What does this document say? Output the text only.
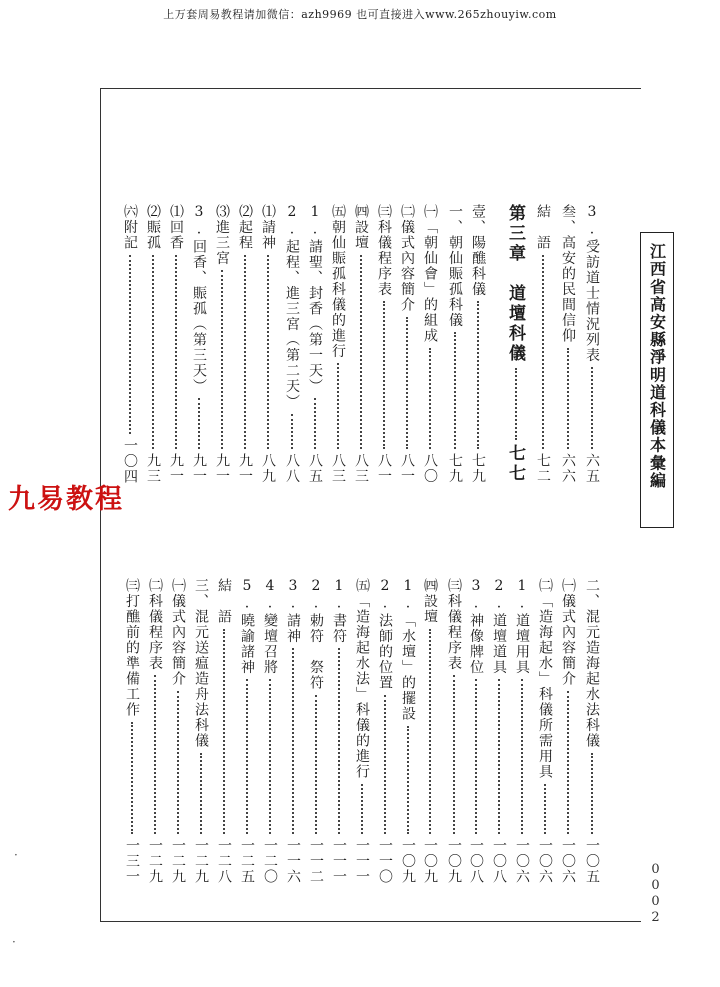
上万套周易教程请加微信：azh9969 也可直接进入www.265zhouyiw.com
江西省高安縣淨明道科儀本彙編
3.受訪道士情況列表
六五
叁、高安的民間信仰
六六
結　語
七二
第三章　道壇科儀
七七
壹、陽醮科儀
七九
一、朝仙賑孤科儀
七九
㈠「朝仙會」的組成
八〇
㈡儀式內容簡介
八一
㈢科儀程序表
八一
㈣設壇
八三
㈤朝仙賑孤科儀的進行
八三
1.請聖、封香（第一天）
八五
2.起程、進三宮（第二天）
八八
⑴請神
八九
⑵起程
九一
⑶進三宮
九一
3.回香、賑孤（第三天）
九一
⑴回香
九一
⑵賑孤
九三
㈥附記
一〇四
二、混元造海起水法科儀
一〇五
㈠儀式內容簡介
一〇六
㈡「造海起水」科儀所需用具
一〇六
1.道壇用具
一〇六
2.道壇道具
一〇八
3.神像牌位
一〇八
㈢科儀程序表
一〇九
㈣設壇
一〇九
1.「水壇」的擺設
一〇九
2.法師的位置
一一〇
㈤「造海起水法」科儀的進行
一一一
1.書符
一一一
2.勅符　祭符
一一二
3.請神
一一六
4.變壇召將
一二〇
5.曉諭諸神
一二五
結　語
一二八
三、混元送瘟造舟法科儀
一二九
㈠儀式內容簡介
一二九
㈡科儀程序表
一二九
㈢打醮前的準備工作
一三一
九易教程
0002
·
·
